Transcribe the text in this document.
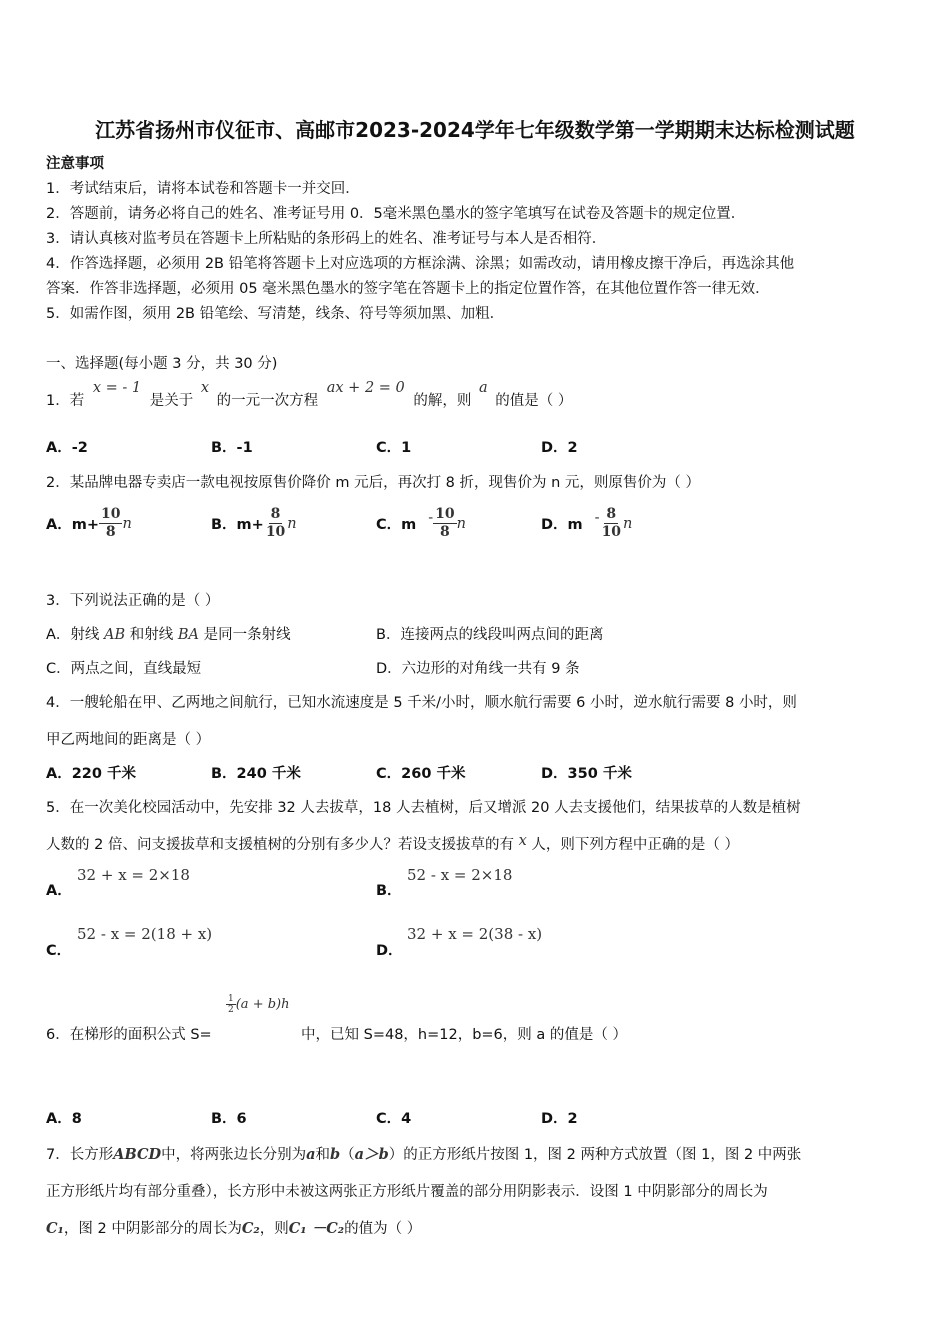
江苏省扬州市仪征市、高邮市2023-2024学年七年级数学第一学期期末达标检测试题
注意事项
1．考试结束后，请将本试卷和答题卡一并交回．
2．答题前，请务必将自己的姓名、准考证号用 0．5毫米黑色墨水的签字笔填写在试卷及答题卡的规定位置．
3．请认真核对监考员在答题卡上所粘贴的条形码上的姓名、准考证号与本人是否相符．
4．作答选择题，必须用 2B 铅笔将答题卡上对应选项的方框涂满、涂黑；如需改动，请用橡皮擦干净后，再选涂其他
答案．作答非选择题，必须用 05 毫米黑色墨水的签字笔在答题卡上的指定位置作答，在其他位置作答一律无效．
5．如需作图，须用 2B 铅笔绘、写清楚，线条、符号等须加黑、加粗．
一、选择题(每小题 3 分，共 30 分)
1．若 x = - 1 是关于 x 的一元一次方程 ax + 2 = 0 的解，则 a 的值是（ ）
A．-2	B．-1	C．1	D．2
2．某品牌电器专卖店一款电视按原售价降价 m 元后，再次打 8 折，现售价为 n 元，则原售价为（ ）
A．$m+ \frac{10}{8}$ n	B．$m+ \frac{8}{10}$ n	C．m - $\frac{10}{8}$ n	D．m - $\frac{8}{10}$ n
3．下列说法正确的是（ ）
A．射线 AB 和射线 BA 是同一条射线	B．连接两点的线段叫两点间的距离
C．两点之间，直线最短	D．六边形的对角线一共有 9 条
4．一艘轮船在甲、乙两地之间航行，已知水流速度是 5 千米/小时，顺水航行需要 6 小时，逆水航行需要 8 小时，则
甲乙两地间的距离是（ ）
A．220 千米	B．240 千米	C．260 千米	D．350 千米
5．在一次美化校园活动中，先安排 32 人去拔草，18 人去植树，后又增派 20 人去支援他们，结果拔草的人数是植树
人数的 2 倍、问支援拔草和支援植树的分别有多少人？若设支援拔草的有 x 人，则下列方程中正确的是（ ）
A．
32 + x = 2×18
B．
52 - x = 2×18
C．
52 - x = 2(18 + x)
D．
32 + x = 2(38 - x)
6．在梯形的面积公式 S=
$\frac{1}{2} (a + b)h$
中，已知 S=48，h=12，b=6，则 a 的值是（ ）
A．8	B．6	C．4	D．2
7．长方形ABCD中，将两张边长分别为a和b（a＞b）的正方形纸片按图 1，图 2 两种方式放置（图 1，图 2 中两张
正方形纸片均有部分重叠），长方形中未被这两张正方形纸片覆盖的部分用阴影表示．设图 1 中阴影部分的周长为
C₁，图 2 中阴影部分的周长为C₂，则C₁ －C₂的值为（ ）
